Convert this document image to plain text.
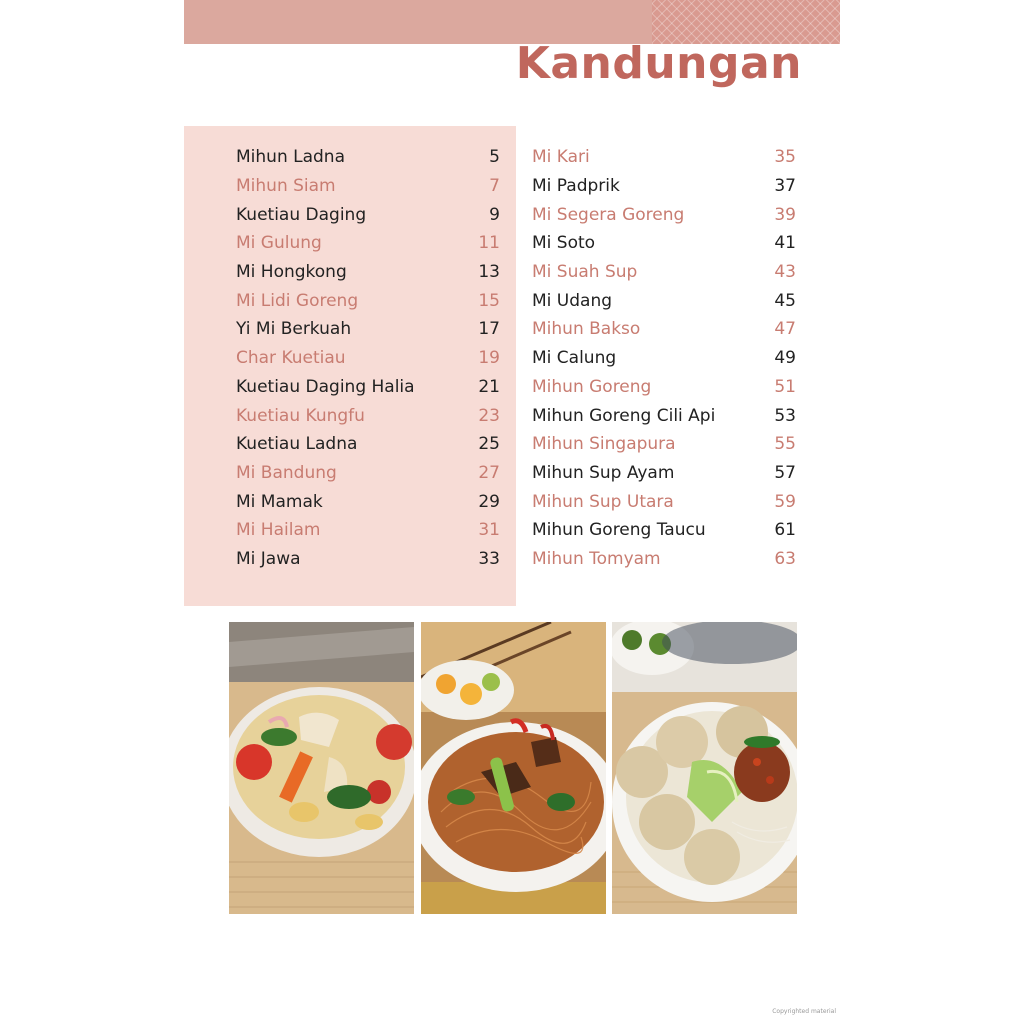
Kandungan
Mihun Ladna	5
Mihun Siam	7
Kuetiau Daging	9
Mi Gulung	11
Mi Hongkong	13
Mi Lidi Goreng	15
Yi Mi Berkuah	17
Char Kuetiau	19
Kuetiau Daging Halia	21
Kuetiau Kungfu	23
Kuetiau Ladna	25
Mi Bandung	27
Mi Mamak	29
Mi Hailam	31
Mi Jawa	33
Mi Kari	35
Mi Padprik	37
Mi Segera Goreng	39
Mi Soto	41
Mi Suah Sup	43
Mi Udang	45
Mihun Bakso	47
Mi Calung	49
Mihun Goreng	51
Mihun Goreng Cili Api	53
Mihun Singapura	55
Mihun Sup Ayam	57
Mihun Sup Utara	59
Mihun Goreng Taucu	61
Mihun Tomyam	63
Copyrighted material
